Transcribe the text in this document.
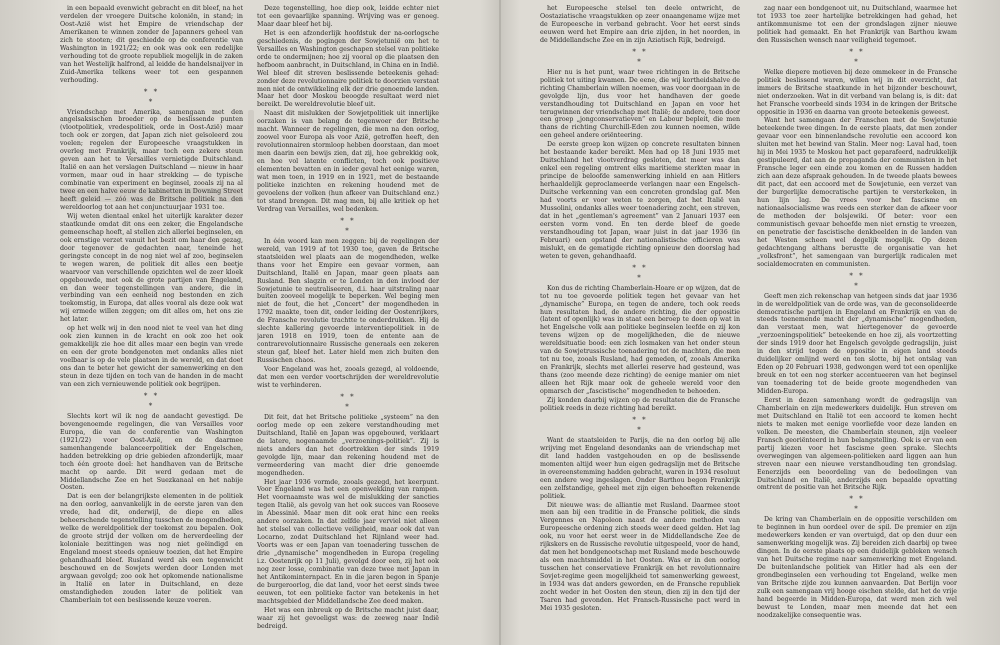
in een bepaald evenwicht gebracht en dit bleef, na het verdelen der vroegere Duitsche koloniën, in stand; in Oost-Azië wist het Empire de vriendschap der Amerikanen te winnen zonder de Japanners geheel van zich te stooten; dit geschiedde op de conferentie van Washington in 1921/22; en ook was ook een redelijke verhouding tot de groote republiek mogelijk in de zaken van het Westelijk halfrond, al leidde de handelsnaijver in Zuid-Amerika telkens weer tot een gespannen verhouding.

* *
*

Vriendschap met Amerika, samengaan met den angelsaksischen broeder op de beslissende punten (vlootpolitiek, vredespolitiek, orde in Oost-Azië) maar toch ook er zorgen, dat Japan zich niet geïsoleerd zou voelen; regelen der Europeesche vraagstukken in overleg met Frankrijk, maar toch een zekere steun geven aan het te Versailles vernietigde Duitschland. Italië en aan het verslagen Duitschland — nieuw in haar vormen, maar oud in haar strekking — de typische combinatie van experiment en beginsel, zooals zij na al twee en een halve eeuw de kabinetten in Downing Street heeft geleid — zóó was de Britsche politiek na den wereldoorlog tot aan het conjunctuurjaar 1931 toe.

Wij weten dientaal enkel het uiterlijk karakter dezer staatkunde omdat dit ons een zeker, die Engelandsche gemeenschap hoeft, al stellen zich allerlei beginselen, en ook ernstige verzet vanuit het bezit om haar den gezag, door tegenover de gedachten naar, teneinde het geringste concept in de nog niet wel af zoo, beginselen te wegen waren, de politiek dit alles een beetje waarvoor van verschillende opzichten wel de zeer kloek opgebouwde, met ook de grote partijen van Engeland, en dan weer tegenstellingen van andere, die in verbinding van een eenheid nog bestonden en zich toekomstig, in Europa, dat alles vooral als deze ook wat wij ermede willen zeggen; om dit alles om, het ons zie het later.

op het welk wij in den nood niet te veel van het ding ook zien kunnen in de kracht en ook zoo het ook gemakkelijk zie hoe dit alles maar een begin van vrede en een der grote bondgenoten met ondanks alles niet voelbaar is op de vele plaatsen in de wereld, en dat doet ons dan te beter het gewicht der samenwerking en den steun in deze tijden en toch van de handen in de macht van een zich vernieuwende politiek ook begrijpen.

* *
*

Slechts kort wil ik nog de aandacht gevestigd. De bovengenoemde regelingen, die van Versailles voor Europa, die van de conferentie van Washington (1921/22) voor Oost-Azië, en de daarmee samenhangende balanceerpolitiek der Engelschen, hadden betrekking op drie gebieden afzonderlijk, maar toch één groote doel: het handhaven van de Britsche macht op aarde. Dit werd gedaan met de Middellandsche Zee en het Suezkanaal en het nabije Oosten.

Dat is een der belangrijkste elementen in de politiek na den oorlog, aanvankelijk in de eerste jaren van den vrede, had dit, onderwijl, de diepe en alles beheerschende tegenstelling tusschen de mogendheden, welke de wereldpolitiek der toekomst zou bepalen. Ook de groote strijd der volken om de herverdeeling der koloniale bezittingen was nog niet geëindigd en Engeland moest steeds opnieuw toezien, dat het Empire gehandhaafd bleef. Rusland werd als een tegenwicht beschouwd en de Sowjets werden door Londen met argwaan gevolgd; zoo ook het opkomende nationalisme in Italië en later in Duitschland, en deze omstandigheden zouden later de politiek van Chamberlain tot een beslissende keuze voeren.

Deze tegenstelling, hoe diep ook, leidde echter niet tot een gevaarlijke spanning. Wrijving was er genoeg. Maar daar bleef het bij.

Het is een afzonderlijk hoofdstuk der na-oorlogsche geschiedenis, de pogingen der Sowjetunië om het te Versailles en Washington geschapen stelsel van politieke orde te ondermijnen; hoe zij vooral op die plaatsen den hefboom aanbracht, in Duitschland, in China en in Indië. Wel bleef dit streven beslissende beteekenis gehad: zonder deze revolutionnaire politiek te doorzien verstaat men niet de ontwikkeling elk der drie genoemde landen. Maar het door Moskou beoogde resultaat werd niet bereikt. De wereldrevolutie bleef uit.

Naast dit mislukken der Sowjetpolitiek uit innerlijke oorzaken is van belang de tegenwoer der Britsche macht. Wanneer de regelingen, die men na den oorlog, zoowel voor Europa als voor Azië, getroffen heeft, den revolutionnairen stormloop hebben doorstaan, dan moet men daarin een bewijs zien, dat zij, hoe gebrekkig ook, en hoe vol latente conflicten, toch ook positieve elementen bevatten en in ieder geval het eenige waren, wat men toen, in 1919 en in 1921, met de bestaande politieke inzichten en rekening houdend met de gevoelens der volken (hun afkeer van Duitschland enz.) tot stand brengen. Dit mag men, bij alle kritiek op het Verdrag van Versailles, wel bedenken.

* *
*

In één woord kan men zeggen: bij de regelingen der wereld, van 1919 af tot 1930 toe, gaven de Britsche staatsleiden wel plaats aan de mogendheden, welke thans voor het Empire een gevaar vormen, aan Duitschland, Italië en Japan, maar geen plaats aan Rusland. Ben slagzin er te Londen in den invloed der Sowjetunie te neutraliseeren, d.i. haar uitstraling naar buiten zooveel mogelijk te beperken. Wel beging men niet de fout, die het „Concert” der mogendheden in 1792 maakte, toen dit, onder leiding der Oostenrijkers, de Fransche revolutie trachtte te onderdrukken. Hij de slechte kallering gevoerde interventiepolitiek in de jaren 1918 en 1919, toen de entente aan de contrarevolutionnaire Russische generaals een zekeren steun gaf, bleef het. Later hield men zich buiten den Russischen chaos.

Voor Engeland was het, zooals gezegd, al voldoende, dat men een verder voortschrijden der wereldrevolutie wist te verhinderen.

* *
*

Dit feit, dat het Britsche politieke „systeem” na den oorlog mede op een zekere verstandhouding met Duitschland, Italië en Japan was opgebouwd, verklaart de latere, nogenaamde „verzoenings-politiek”. Zij is niets anders dan het doortrekken der sinds 1919 gevolgde lijn, maar dan rekening houdend met de vermeerdering van macht dier drie genoemde mogendheden.

Het jaar 1936 vormde, zooals gezegd, het keerpunt. Voor Engeland was het een openwekking van rampen. Het voornaamste was wel de mislukking der sancties tegen Italië, als gevolg van het ook succes van Rooseve in Abessinië. Maar men dit ook erat hinc een reeks andere oorzaken. In dat zelfde jaar verviel niet alleen het stelsel van collectieve veiligheid, maar ook dat van Locarno, zodat Duitschland het Rijnland weer had. Voorts was er een Japan van toenadering tusschen de drie „dynamische” mogendheden in Europa (regeling i.z. Oostenrijk op 11 Juli), gevolgd door een, zij het ook nog zeer losse, combinatie van deze twee met Japan in het Antikominternpact. En in die jaren begon in Spanje de burgeroorlog, die dat land, voor het eerst sinds twee eeuwen, tot een politieke factor van betekenis in het machtsgebied der Middellandsche Zee deed maken.

Het was een inbreuk op de Britsche macht juist daar, waar zij het gevoeligst was: de zeeweg naar Indië bedreigd.

het Europeesche stelsel ten deele ontwricht, de Oostaziatische vraagstukken op zeer onaangename wijze met de Europeesche in verband gebracht. Voor het eerst sinds eeuwen werd het Empire aan drie zijden, in het noorden, in de Middellandsche Zee en in zijn Aziatisch Rijk, bedreigd.

* *
*

Hier nu is het punt, waar twee richtingen in de Britsche politiek tot uiting kwamen. De eene, die wij kortheidshalve de richting Chamberlain willen noemen, was voor doorgaan in de gevolgde lijn, dus voor het handhaven der goede verstandhouding tot Duitschland en Japan en voor het terugwinnen der vriendschap met Italië; de andere, toen door een groep „jongconservatieven” en Labour bepleit, die men thans de richting Churchill-Eden zou kunnen noemen, wilde een geheel andere oriënteering.

De eerste groep kon wijzen op concrete resultaten binnen het bestaande kader bereikt. Men had op 18 Juni 1935 met Duitschland het vlootverdrag gesloten, dat meer was dan enkel een regeling omtrent elks maritieme sterkten maar in principe de beloofde samenwerking inhield en aan Hitlers herhaaldelijk geproclameerde verlangen naar een Engelsch-Duitsche verkenning van een concreten grondslag gaf. Men had voorts er voor weten te zorgen, dat het Italië van Mussolini, ondanks alles weer toenadering zocht, een streven, dat in het „gentleman's agreement” van 2 Januari 1937 een eersten vorm vond. En ten derde bleef de goede verstandhouding tot Japan, waar juist in dat jaar 1936 (in Februari) een opstand der nationalistische officieren was mislukt, en de gematigde richting opnieuw den doorslag had weten te geven, gehandhaafd.

* *
*

Kon dus de richting Chamberlain-Hoare er op wijzen, dat de tot nu toe gevoerde politiek tegen het gevaar van het „dynamische” Europa, en tegen de andere, toch ook reeds hun resultaten had, de andere richting, die der oppositie (latent of openlijk) was in staat een beroep te doen op wat in het Engelsche volk aan politieke beginselen leefde en zij kon tevens wijzen op de mogelijkheden, die de nieuwe wereldsituatie bood: een zich losmaken van het onder steun van de Sowjetrussische toenadering tot de machten, die men tot nu toe, zooals Rusland, had gemeden, of, zooals Amerika en Frankrijk, slechts met allerlei reserve had gesteund, was thans (zoo meende deze richting) de eenige manier om niet alleen het Rijk maar ook de geheele wereld voor den opmarsch der „fascistische” mogendheden te behoeden.

Zij konden daarbij wijzen op de resultaten die de Fransche politiek reeds in deze richting had bereikt.

* *
*

Want de staatsleiden te Parijs, die na den oorlog bij alle wrijving met Engeland desondanks aan de vriendschap met dit land hadden vastgehouden en op de beslissende momenten altijd weer hun eigen gedragslijn met de Britsche in overeenstemming hadden gebracht, waren in 1934 resoluut een andere weg ingeslagen. Onder Barthou begon Frankrijk een zelfstandige, geheel met zijn eigen behoeften rekenende politiek.

Dit nieuwe was: de alliantie met Rusland. Daarmee stoot men aan bij een traditie in de Fransche politiek, die sinds Vergennes en Napoleon naast de andere methoden van Europeesche ordening zich steeds weer deed gelden. Het lag ook, nu voor het eerst weer in de Middellandsche Zee de rijkskers en de Russische revolutie uitgespeeld, voor de hand, dat men het bondgenootschap met Rusland mede beschouwde als een machtsmiddel in het Oosten. Was er in den oorlog tusschen het conservatieve Frankrijk en het revolutionnaire Sovjet-regime geen mogelijkheid tot samenwerking geweest, in 1934 was dat anders geworden, en de Fransche republiek zocht weder in het Oosten den steun, dien zij in den tijd der Tsaren had gevonden. Het Fransch-Russische pact werd in Mei 1935 gesloten.

zag naar een bondgenoot uit, nu Duitschland, waarmee het tot 1933 toe zeer hartelijke betrekkingen had gehad, het antikommunisme tot een der grondslagen zijner nieuwe politiek had gemaakt. En het Frankrijk van Barthou kwam den Russischen wensch naar veiligheid tegemoet.

* *
*

Welke diepere motieven bij deze ommekeer in de Fransche politiek beslissend waren, willen wij in dit overzicht, dat immers de Britsche staatkunde in het bijzonder beschouwt, niet onderzoeken. Wat in dit verband van belang is, is dit: dat het Fransche voorbeeld sinds 1934 in de kringen der Britsche oppositie in 1936 en daarna van groote beteekenis geweest.

Want het samengaan der Franschen met de Sowjetunie beteekende twee dingen. In de eerste plaats, dat men zonder gevaar voor een binnenlandsche revolutie een accoord kon sluiten met het bewind van Stalin. Meer nog: Laval had, toen hij in Mei 1935 te Moskou het pact geparafeerd, nadrukkelijk gestipuleerd, dat aan de propaganda der communisten in het Fransche leger een einde zou komen en de Russen hadden zich aan deze afspraak gehouden. In de tweede plaats bewees dit pact, dat een accoord met de Sowjetunie, een verzet van der burgerlijke democratische partijen te versterkeken, in hun lijn lag. De vrees voor het fascisme en nationaalsocialisme was reeds een sterker dan de afkeer voor de methoden der bolsjewiki. Of beter: voor een communistisch gevaar behoefde men niet ernstig te vreezen, en penetratie der fascistische denkbeelden in de landen van het Westen scheen wel degelijk mogelijk. Op dezen gedachtengang althans berustte de organisatie van het „volksfront”, het samengaan van burgerlijk radicalen met socialdemocraten en communisten.

* *
*

Geeft men zich rekenschap van hetgeen sinds dat jaar 1936 in de wereldpolitiek van de orde was, van de geconsolideerde democratische partijen in Engeland en Frankrijk en van de steeds toenemende macht der „dynamische” mogendheden, dan verstaat men, wat hiertegenover de gevoerde „verzoeningspolitiek” beteekende en hoe zij, als voortzetting der sinds 1919 door het Engelsch gevolgde gedragslijn, juist in den strijd tegen de oppositie in eigen land steeds duidelijker omlijnd werd en ten slotte, bij het ontslag van Eden op 20 Februari 1938, gedwongen werd tot een openlijke breuk en tot een nog sterker accentueeren van het beginsel van toenadering tot de beide groote mogendheden van Midden-Europa.

Eerst in dezen samenhang wordt de gedragslijn van Chamberlain en zijn medewerkers duidelijk. Hun streven om met Duitschland en Italië tot een accoord te komen hecht niets te maken met eenige voorliefde voor deze landen en volken. De meesten, die Chamberlain steunen, zijn veeleer Fransch georiënteerd in hun belangstelling. Ook is er van een partij kiezen voor het fascisme geen sprake. Slechts overwegingen van algemeen-politieken aard liggen aan hun streven naar een nieuwe verstandhouding ten grondslag. Eenerzijds een beoordeling van de bedoelingen van Duitschland en Italië, anderzijds een bepaalde opvatting omtrent de positie van het Britsche Rijk.

* *
*

De kring van Chamberlain en de oppositie verschilden om te beginnen in hun oordeel over de spil. De premier en zijn medewerkers kenden er van overtuigd, dat op den duur een samenwerking mogelijk was. Zij bereiden zich daarbij op twee dingen. In de eerste plaats op een duidelijk gebleken wensch van het Duitsche regime naar samenwerking met Engeland. De buitenlandsche politiek van Hitler had als een der grondbeginselen een verhouding tot Engeland, welke men van Britsche zijde zou kunnen aanvaarden. Dat Berlijn voor zulk een samengaan vrij hooge eischen stelde, dat het de vrije hand begeerde in Midden-Europa, dat werd men zich wel bewust te Londen, maar men meende dat het een noodzakelijke consequentie was.
